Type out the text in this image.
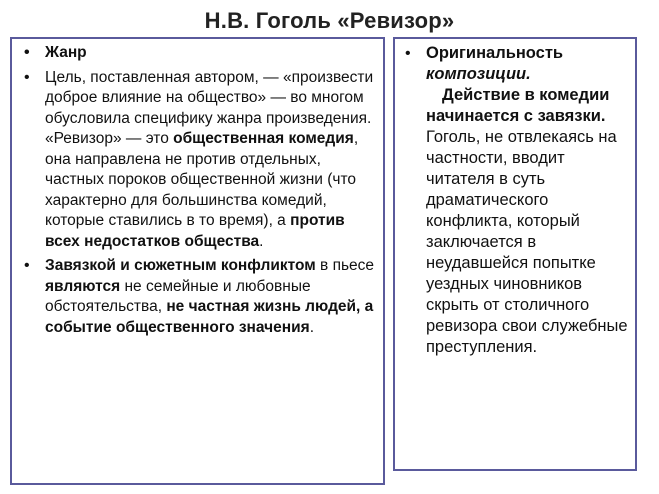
Н.В. Гоголь «Ревизор»
• Жанр
• Цель, поставленная автором, — «произвести доброе влияние на общество» — во многом обусловила специфику жанра произведения. «Ревизор» — это общественная комедия, она направлена не против отдельных, частных пороков общественной жизни (что характерно для большинства комедий, которые ставились в то время), а против всех недостатков общества.
• Завязкой и сюжетным конфликтом в пьесе являются не семейные и любовные обстоятельства, не частная жизнь людей, а событие общественного значения.
• Оригинальность
композиции.
Действие в комедии начинается с завязки. Гоголь, не отвлекаясь на частности, вводит читателя в суть драматического конфликта, который заключается в неудавшейся попытке уездных чиновников скрыть от столичного ревизора свои служебные преступления.
